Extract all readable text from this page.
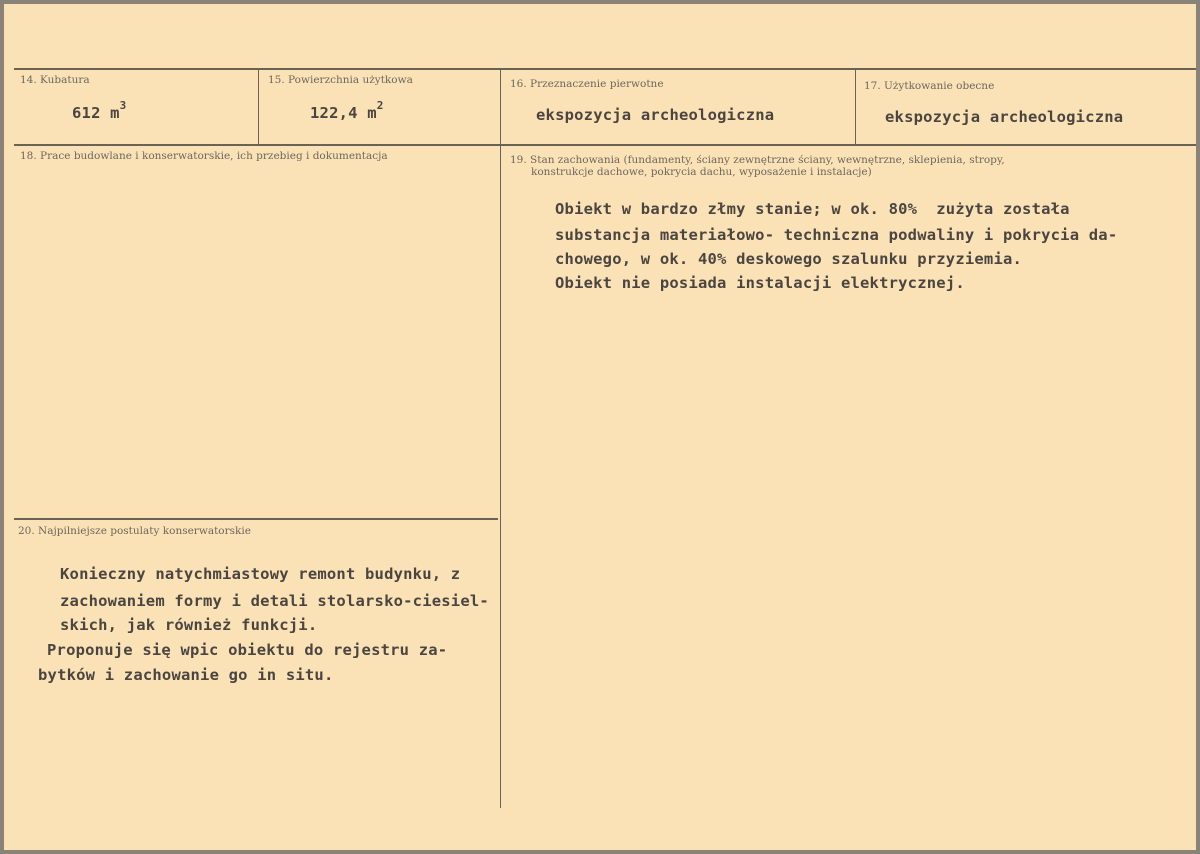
14. Kubatura
612 $m^3$
15. Powierzchnia użytkowa
122,4 $m^2$
16. Przeznaczenie pierwotne
ekspozycja archeologiczna
17. Użytkowanie obecne
ekspozycja archeologiczna
18. Prace budowlane i konserwatorskie, ich przebieg i dokumentacja	19. Stan zachowania (fundamenty, ściany zewnętrzne ściany, wewnętrzne, sklepienia, stropy,
konstrukcje dachowe, pokrycia dachu, wyposażenie i instalacje)
Obiekt w bardzo złmy stanie; w ok. 80%  zużyta została
substancja materiałowo- techniczna podwaliny i pokrycia da-
chowego, w ok. 40% deskowego szalunku przyziemia.
Obiekt nie posiada instalacji elektrycznej.
20. Najpilniejsze postulaty konserwatorskie
Konieczny natychmiastowy remont budynku, z
zachowaniem formy i detali stolarsko-ciesiel-
skich, jak również funkcji.
Proponuje się wpic obiektu do rejestru za-
bytków i zachowanie go in situ.
